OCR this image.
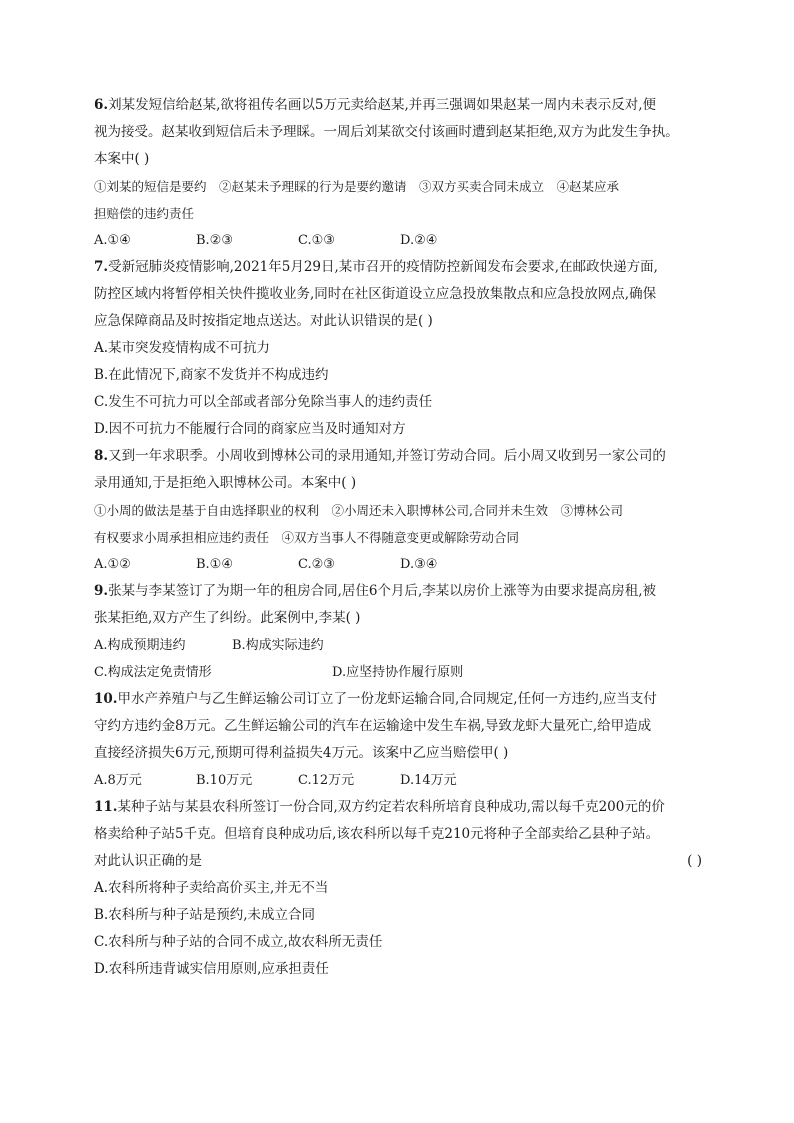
6.刘某发短信给赵某,欲将祖传名画以5万元卖给赵某,并再三强调如果赵某一周内未表示反对,便
视为接受。赵某收到短信后未予理睬。一周后刘某欲交付该画时遭到赵某拒绝,双方为此发生争执。
本案中( )
①刘某的短信是要约　②赵某未予理睬的行为是要约邀请　③双方买卖合同未成立　④赵某应承
担赔偿的违约责任
A.①④	B.②③	C.①③	D.②④
7.受新冠肺炎疫情影响,2021年5月29日,某市召开的疫情防控新闻发布会要求,在邮政快递方面,
防控区域内将暂停相关快件揽收业务,同时在社区街道设立应急投放集散点和应急投放网点,确保
应急保障商品及时按指定地点送达。对此认识错误的是( )
A.某市突发疫情构成不可抗力
B.在此情况下,商家不发货并不构成违约
C.发生不可抗力可以全部或者部分免除当事人的违约责任
D.因不可抗力不能履行合同的商家应当及时通知对方
8.又到一年求职季。小周收到博林公司的录用通知,并签订劳动合同。后小周又收到另一家公司的
录用通知,于是拒绝入职博林公司。本案中( )
①小周的做法是基于自由选择职业的权利　②小周还未入职博林公司,合同并未生效　③博林公司
有权要求小周承担相应违约责任　④双方当事人不得随意变更或解除劳动合同
A.①②	B.①④	C.②③	D.③④
9.张某与李某签订了为期一年的租房合同,居住6个月后,李某以房价上涨等为由要求提高房租,被
张某拒绝,双方产生了纠纷。此案例中,李某( )
A.构成预期违约	B.构成实际违约
C.构成法定免责情形	D.应坚持协作履行原则
10.甲水产养殖户与乙生鲜运输公司订立了一份龙虾运输合同,合同规定,任何一方违约,应当支付
守约方违约金8万元。乙生鲜运输公司的汽车在运输途中发生车祸,导致龙虾大量死亡,给甲造成
直接经济损失6万元,预期可得利益损失4万元。该案中乙应当赔偿甲( )
A.8万元	B.10万元	C.12万元	D.14万元
11.某种子站与某县农科所签订一份合同,双方约定若农科所培育良种成功,需以每千克200元的价
格卖给种子站5千克。但培育良种成功后,该农科所以每千克210元将种子全部卖给乙县种子站。
对此认识正确的是	( )
A.农科所将种子卖给高价买主,并无不当
B.农科所与种子站是预约,未成立合同
C.农科所与种子站的合同不成立,故农科所无责任
D.农科所违背诚实信用原则,应承担责任
